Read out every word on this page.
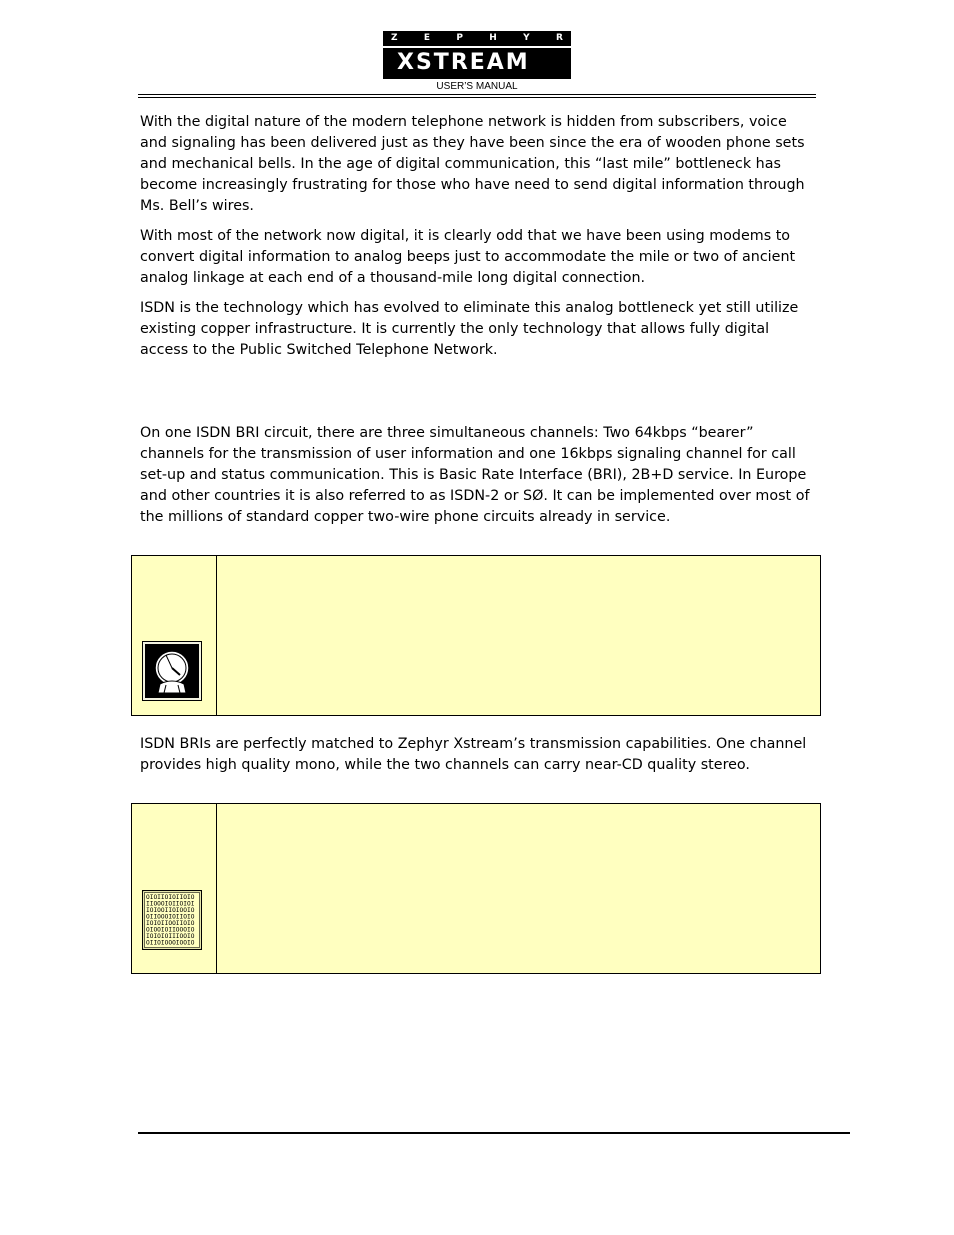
Z	E	P	H	Y	R
XSTREAM
USER’S MANUAL

With the digital nature of the modern telephone network is hidden from subscribers, voice and signaling has been delivered just as they have been since the era of wooden phone sets and mechanical bells. In the age of digital communication, this “last mile” bottleneck has become increasingly frustrating for those who have need to send digital information through Ms. Bell’s wires.

With most of the network now digital, it is clearly odd that we have been using modems to convert digital information to analog beeps just to accommodate the mile or two of ancient analog linkage at each end of a thousand-mile long digital connection.

ISDN is the technology which has evolved to eliminate this analog bottleneck yet still utilize existing copper infrastructure. It is currently the only technology that allows fully digital access to the Public Switched Telephone Network.

On one ISDN BRI circuit, there are three simultaneous channels: Two 64kbps “bearer” channels for the transmission of user information and one 16kbps signaling channel for call set-up and status communication. This is Basic Rate Interface (BRI), 2B+D service. In Europe and other countries it is also referred to as ISDN-2 or SØ. It can be implemented over most of the millions of standard copper two-wire phone circuits already in service.

ISDN BRIs are perfectly matched to Zephyr Xstream’s transmission capabilities. One channel provides high quality mono, while the two channels can carry near-CD quality stereo.

OIOIIOIOIIOIO
IIOOOIOIIOIOI
IOIOOIIOIOOIO
OIIOOOIOIIOIO
IOIOIIOOIIOIO
OIOOIOIIOOOIO
IOIOIOIIIOOIO
OIIOIOOOIOOIO
